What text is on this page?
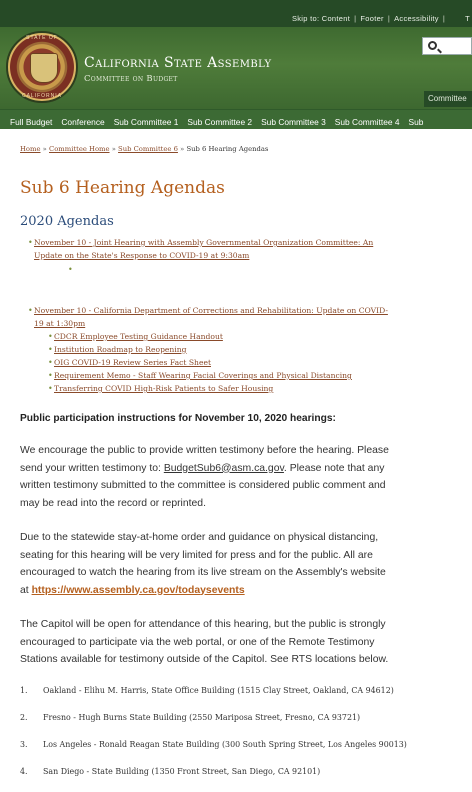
Skip to: Content | Footer | Accessibility |	T
STATE OF
CALIFORNIA
California State Assembly
Committee on Budget
Committee
Full Budget Conference Sub Committee 1 Sub Committee 2 Sub Committee 3 Sub Committee 4 Sub
Home » Committee Home » Sub Committee 6 » Sub 6 Hearing Agendas
Sub 6 Hearing Agendas
2020 Agendas
• November 10 - Joint Hearing with Assembly Governmental Organization Committee: An
Update on the State's Response to COVID-19 at 9:30am
•
• November 10 - California Department of Corrections and Rehabilitation: Update on COVID-
19 at 1:30pm
• CDCR Employee Testing Guidance Handout
• Institution Roadmap to Reopening
• OIG COVID-19 Review Series Fact Sheet
• Requirement Memo - Staff Wearing Facial Coverings and Physical Distancing
• Transferring COVID High-Risk Patients to Safer Housing
Public participation instructions for November 10, 2020 hearings:
We encourage the public to provide written testimony before the hearing. Please
send your written testimony to: BudgetSub6@asm.ca.gov. Please note that any
written testimony submitted to the committee is considered public comment and
may be read into the record or reprinted.
Due to the statewide stay-at-home order and guidance on physical distancing,
seating for this hearing will be very limited for press and for the public. All are
encouraged to watch the hearing from its live stream on the Assembly's website
at https://www.assembly.ca.gov/todaysevents
The Capitol will be open for attendance of this hearing, but the public is strongly
encouraged to participate via the web portal, or one of the Remote Testimony
Stations available for testimony outside of the Capitol. See RTS locations below.
1. Oakland - Elihu M. Harris, State Office Building (1515 Clay Street, Oakland, CA 94612)
2. Fresno - Hugh Burns State Building (2550 Mariposa Street, Fresno, CA 93721)
3. Los Angeles - Ronald Reagan State Building (300 South Spring Street, Los Angeles 90013)
4. San Diego - State Building (1350 Front Street, San Diego, CA 92101)
